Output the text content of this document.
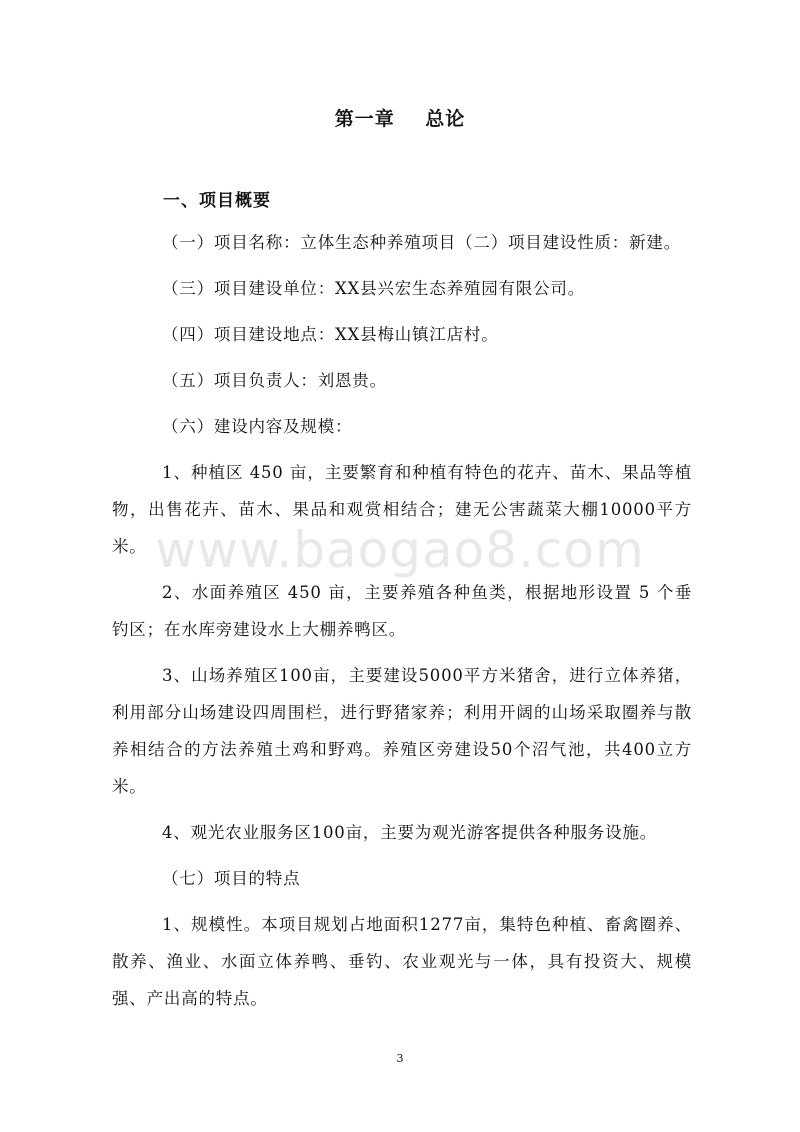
第一章    总论
一、项目概要

（一）项目名称：立体生态种养殖项目（二）项目建设性质：新建。

（三）项目建设单位：XX县兴宏生态养殖园有限公司。

（四）项目建设地点：XX县梅山镇江店村。

（五）项目负责人：刘恩贵。

（六）建设内容及规模：

1、种植区 450 亩，主要繁育和种植有特色的花卉、苗木、果品等植物，出售花卉、苗木、果品和观赏相结合；建无公害蔬菜大棚10000平方米。

2、水面养殖区 450 亩，主要养殖各种鱼类，根据地形设置 5 个垂钓区；在水库旁建设水上大棚养鸭区。

3、山场养殖区100亩，主要建设5000平方米猪舍，进行立体养猪，利用部分山场建设四周围栏，进行野猪家养；利用开阔的山场采取圈养与散养相结合的方法养殖土鸡和野鸡。养殖区旁建设50个沼气池，共400立方米。

4、观光农业服务区100亩，主要为观光游客提供各种服务设施。

（七）项目的特点

1、规模性。本项目规划占地面积1277亩，集特色种植、畜禽圈养、散养、渔业、水面立体养鸭、垂钓、农业观光与一体，具有投资大、规模强、产出高的特点。

www.baogao8.com
3
